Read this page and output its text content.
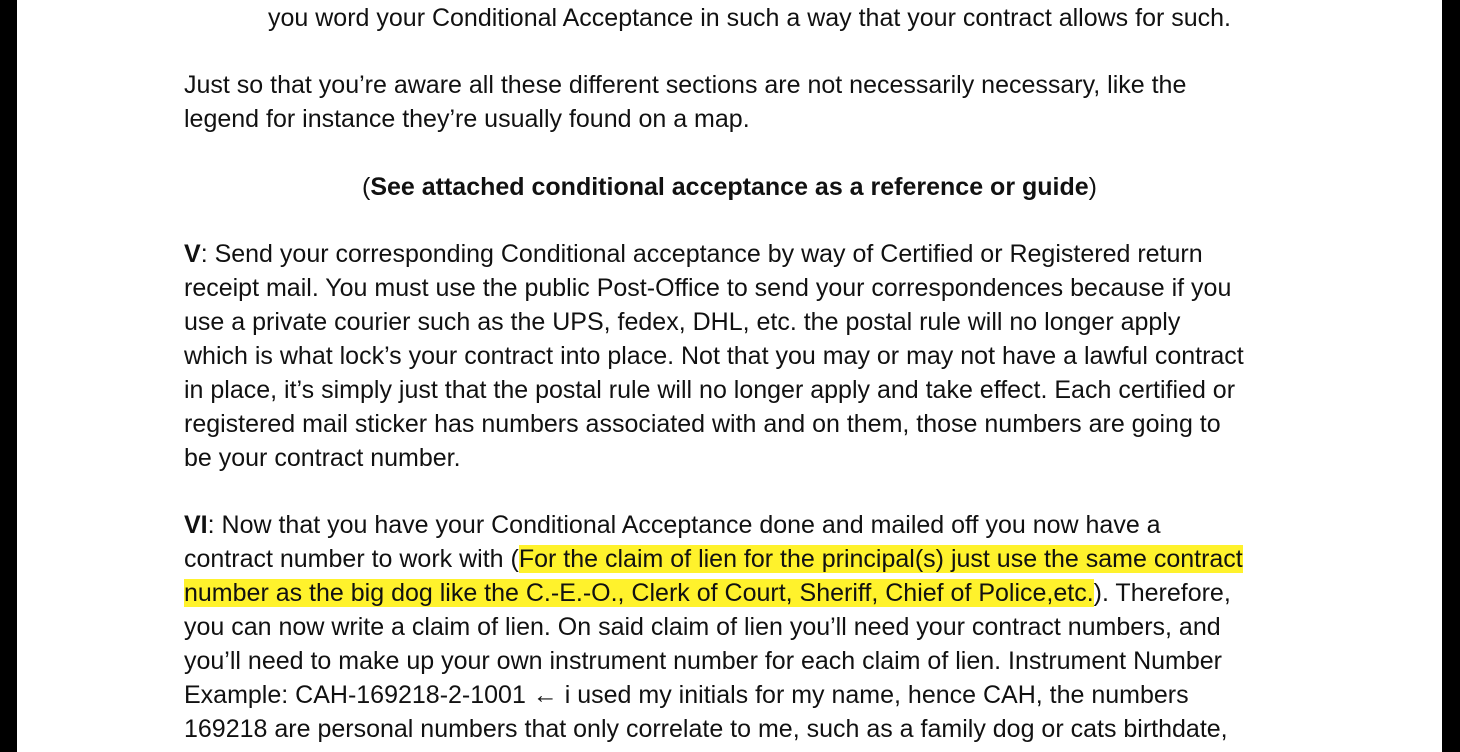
you word your Conditional Acceptance in such a way that your contract allows for such.

Just so that you’re aware all these different sections are not necessarily necessary, like the
legend for instance they’re usually found on a map.

(See attached conditional acceptance as a reference or guide)

V: Send your corresponding Conditional acceptance by way of Certified or Registered return
receipt mail. You must use the public Post-Office to send your correspondences because if you
use a private courier such as the UPS, fedex, DHL, etc. the postal rule will no longer apply
which is what lock’s your contract into place. Not that you may or may not have a lawful contract
in place, it’s simply just that the postal rule will no longer apply and take effect. Each certified or
registered mail sticker has numbers associated with and on them, those numbers are going to
be your contract number.

VI: Now that you have your Conditional Acceptance done and mailed off you now have a
contract number to work with (For the claim of lien for the principal(s) just use the same contract
number as the big dog like the C.-E.-O., Clerk of Court, Sheriff, Chief of Police,etc.). Therefore,
you can now write a claim of lien. On said claim of lien you’ll need your contract numbers, and
you’ll need to make up your own instrument number for each claim of lien. Instrument Number
Example: CAH-169218-2-1001 ← i used my initials for my name, hence CAH, the numbers
169218 are personal numbers that only correlate to me, such as a family dog or cats birthdate,
